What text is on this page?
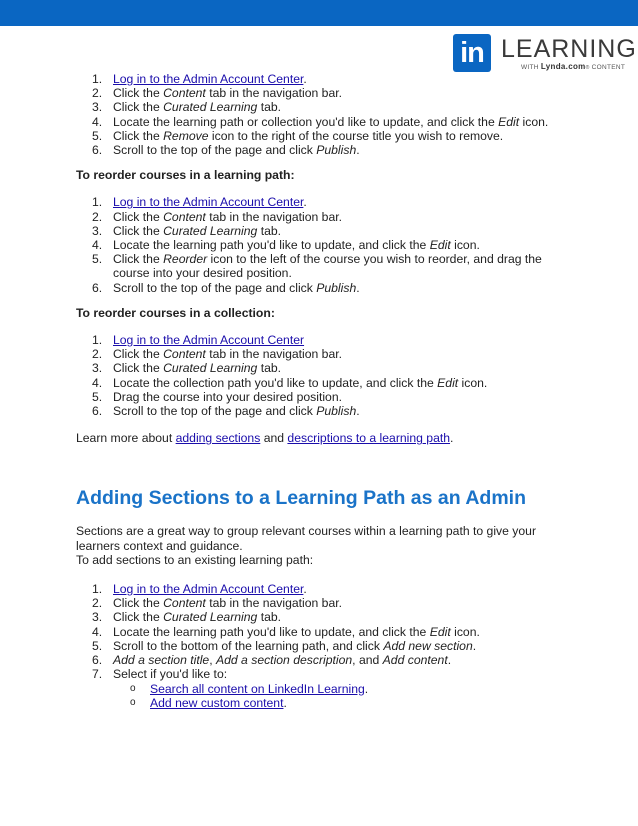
in LEARNING
WITH Lynda.com® CONTENT
1. Log in to the Admin Account Center.
2. Click the Content tab in the navigation bar.
3. Click the Curated Learning tab.
4. Locate the learning path or collection you'd like to update, and click the Edit icon.
5. Click the Remove icon to the right of the course title you wish to remove.
6. Scroll to the top of the page and click Publish.

To reorder courses in a learning path:

1. Log in to the Admin Account Center.
2. Click the Content tab in the navigation bar.
3. Click the Curated Learning tab.
4. Locate the learning path you'd like to update, and click the Edit icon.
5. Click the Reorder icon to the left of the course you wish to reorder, and drag the course into your desired position.
6. Scroll to the top of the page and click Publish.

To reorder courses in a collection:

1. Log in to the Admin Account Center
2. Click the Content tab in the navigation bar.
3. Click the Curated Learning tab.
4. Locate the collection path you'd like to update, and click the Edit icon.
5. Drag the course into your desired position.
6. Scroll to the top of the page and click Publish.

Learn more about adding sections and descriptions to a learning path.

Adding Sections to a Learning Path as an Admin

Sections are a great way to group relevant courses within a learning path to give your learners context and guidance.

To add sections to an existing learning path:

1. Log in to the Admin Account Center.
2. Click the Content tab in the navigation bar.
3. Click the Curated Learning tab.
4. Locate the learning path you'd like to update, and click the Edit icon.
5. Scroll to the bottom of the learning path, and click Add new section.
6. Add a section title, Add a section description, and Add content.
7. Select if you'd like to:
o Search all content on LinkedIn Learning.
o Add new custom content.
